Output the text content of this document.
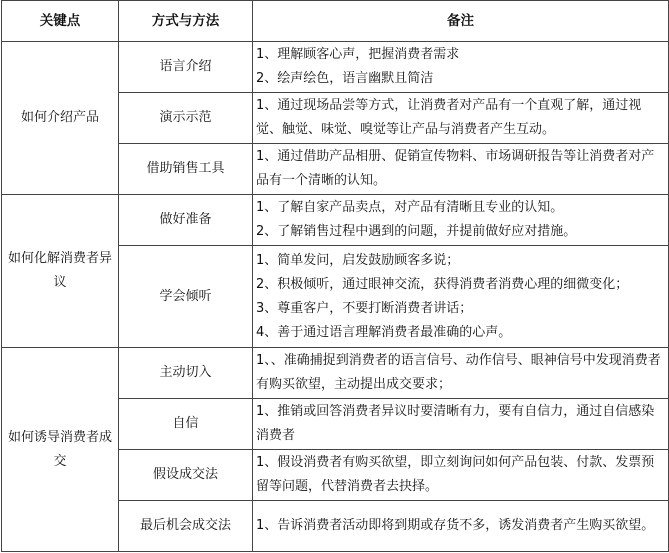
关键点	方式与方法	备注
如何介绍产品	语言介绍	1、理解顾客心声，把握消费者需求
2、绘声绘色，语言幽默且简洁

	演示示范	1、通过现场品尝等方式，让消费者对产品有一个直观了解，通过视觉、触觉、味觉、嗅觉等让产品与消费者产生互动。

	借助销售工具	1、通过借助产品相册、促销宣传物料、市场调研报告等让消费者对产品有一个清晰的认知。

如何化解消费者异议	做好准备	1、了解自家产品卖点，对产品有清晰且专业的认知。
2、了解销售过程中遇到的问题，并提前做好应对措施。

	学会倾听	1、简单发问，启发鼓励顾客多说；
2、积极倾听，通过眼神交流，获得消费者消费心理的细微变化；
3、尊重客户，不要打断消费者讲话；
4、善于通过语言理解消费者最准确的心声。

如何诱导消费者成交	主动切入	1、、准确捕捉到消费者的语言信号、动作信号、眼神信号中发现消费者有购买欲望，主动提出成交要求；

	自信	1、推销或回答消费者异议时要清晰有力，要有自信力，通过自信感染消费者

	假设成交法	1、假设消费者有购买欲望，即立刻询问如何产品包装、付款、发票预留等问题，代替消费者去抉择。

	最后机会成交法	1、告诉消费者活动即将到期或存货不多，诱发消费者产生购买欲望。
